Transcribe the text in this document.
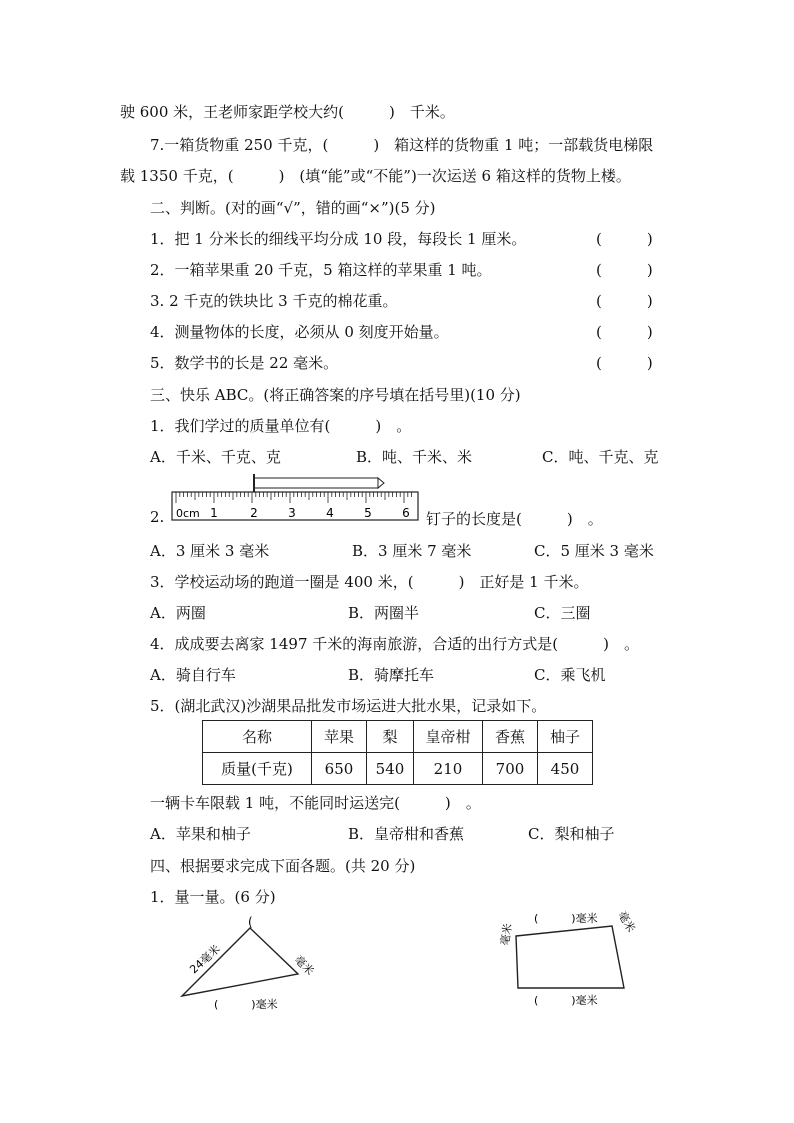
驶 600 米，王老师家距学校大约(　　　)　千米。
7.一箱货物重 250 千克，(　　　)　箱这样的货物重 1 吨；一部载货电梯限
载 1350 千克，(　　　)　(填“能”或“不能”)一次运送 6 箱这样的货物上楼。
二、判断。(对的画“√”，错的画“×”)(5 分)
1．把 1 分米长的细线平均分成 10 段，每段长 1 厘米。	(　　　)
2．一箱苹果重 20 千克，5 箱这样的苹果重 1 吨。	(　　　)
3. 2 千克的铁块比 3 千克的棉花重。	(　　　)
4．测量物体的长度，必须从 0 刻度开始量。	(　　　)
5．数学书的长是 22 毫米。	(　　　)
三、快乐 ABC。(将正确答案的序号填在括号里)(10 分)
1．我们学过的质量单位有(　　　)　。
A．千米、千克、克	B．吨、千米、米	C．吨、千克、克
2. 0cm 1	2	3	4	5	6 钉子的长度是(　　　)　。
A．3 厘米 3 毫米	B．3 厘米 7 毫米	C．5 厘米 3 毫米
3．学校运动场的跑道一圈是 400 米，(　　　)　正好是 1 千米。
A．两圈	B．两圈半	C．三圈
4．成成要去离家 1497 千米的海南旅游，合适的出行方式是(　　　)　。
A．骑自行车	B．骑摩托车	C．乘飞机
5．(湖北武汉)沙湖果品批发市场运进大批水果，记录如下。
名称	苹果	梨	皇帝柑	香蕉	柚子
质量(千克)	650	540	210	700	450
一辆卡车限载 1 吨，不能同时运送完(　　　)　。
A．苹果和柚子	B．皇帝柑和香蕉	C．梨和柚子
四、根据要求完成下面各题。(共 20 分)
1．量一量。(6 分)
24毫米
(
毫米
(　　　)毫米
(　　　)毫米 毫米
毫米
(　　　)毫米
